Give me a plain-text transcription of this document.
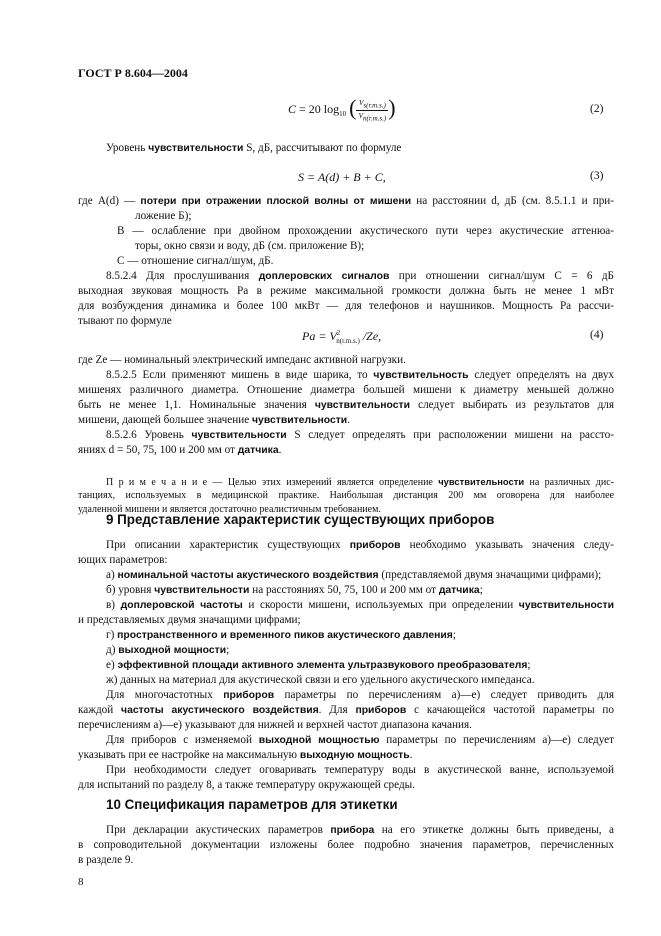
ГОСТ Р 8.604—2004
C = 20 $\log_{10}$ ( $\frac{V_{s(r.m.s.)}}{V_{n(r.m.s.)}}$ )	(2)

Уровень чувствительности S, дБ, рассчитывают по формуле

S = A(d) + B + C,	(3)

где A(d) — потери при отражении плоской волны от мишени на расстоянии d, дБ (см. 8.5.1.1 и при-

ложение Б);

B — ослабление при двойном прохождении акустического пути через акустические аттенюа-

торы, окно связи и воду, дБ (см. приложение В);

C — отношение сигнал/шум, дБ.

8.5.2.4 Для прослушивания доплеровских сигналов при отношении сигнал/шум C = 6 дБ

выходная звуковая мощность Pa в режиме максимальной громкости должна быть не менее 1 мВт

для возбуждения динамика и более 100 мкВт — для телефонов и наушников. Мощность Pa рассчи-

тывают по формуле

$Pa = V^2_{n(r.m.s.)}$ /Ze,	(4)

где Ze — номинальный электрический импеданс активной нагрузки.

8.5.2.5 Если применяют мишень в виде шарика, то чувствительность следует определять на двух

мишенях различного диаметра. Отношение диаметра большей мишени к диаметру меньшей должно

быть не менее 1,1. Номинальные значения чувствительности следует выбирать из результатов для

мишени, дающей большее значение чувствительности.

8.5.2.6 Уровень чувствительности S следует определять при расположении мишени на рассто-

яниях d = 50, 75, 100 и 200 мм от датчика.

П р и м е ч а н и е — Целью этих измерений является определение чувствительности на различных дис-

танциях, используемых в медицинской практике. Наибольшая дистанция 200 мм оговорена для наиболее

удаленной мишени и является достаточно реалистичным требованием.

9 Представление характеристик существующих приборов

При описании характеристик существующих приборов необходимо указывать значения следу-

ющих параметров:

а) номинальной частоты акустического воздействия (представляемой двумя значащими цифрами);

б) уровня чувствительности на расстояниях 50, 75, 100 и 200 мм от датчика;

в) доплеровской частоты и скорости мишени, используемых при определении чувствительности

и представляемых двумя значащими цифрами;

г) пространственного и временного пиков акустического давления;

д) выходной мощности;

е) эффективной площади активного элемента ультразвукового преобразователя;

ж) данных на материал для акустической связи и его удельного акустического импеданса.

Для многочастотных приборов параметры по перечислениям а)—е) следует приводить для

каждой частоты акустического воздействия. Для приборов с качающейся частотой параметры по

перечислениям а)—е) указывают для нижней и верхней частот диапазона качания.

Для приборов с изменяемой выходной мощностью параметры по перечислениям а)—е) следует

указывать при ее настройке на максимальную выходную мощность.

При необходимости следует оговаривать температуру воды в акустической ванне, используемой

для испытаний по разделу 8, а также температуру окружающей среды.

10 Спецификация параметров для этикетки

При декларации акустических параметров прибора на его этикетке должны быть приведены, а

в сопроводительной документации изложены более подробно значения параметров, перечисленных

в разделе 9.

8
